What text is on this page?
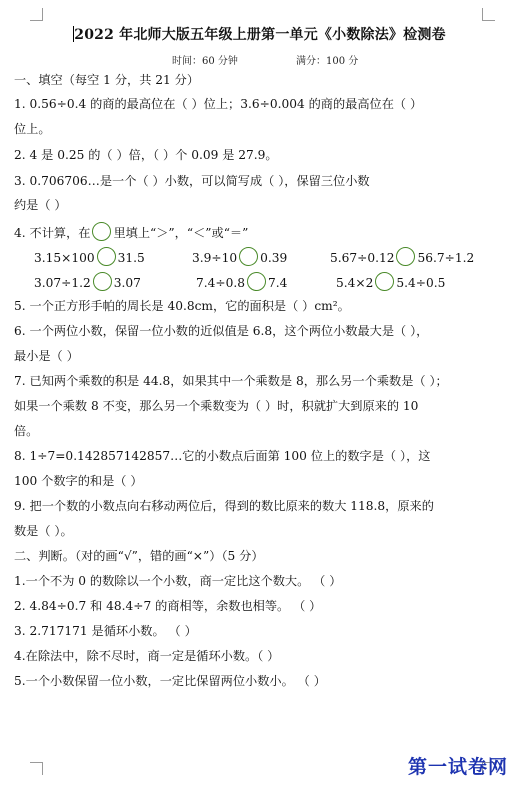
2022 年北师大版五年级上册第一单元《小数除法》检测卷
时间：60 分钟	满分：100 分
一、填空（每空 1 分，共 21 分）
1. 0.56÷0.4 的商的最高位在（ ）位上；3.6÷0.004 的商的最高位在（ ）
位上。
2. 4 是 0.25 的（ ）倍，（ ）个 0.09 是 27.9。
3. 0.706706…是一个（ ）小数，可以简写成（ ），保留三位小数
约是（ ）
4. 不计算，在 里填上“＞”，“＜”或“＝”
3.15×100 31.5	3.9÷10 0.39	5.67÷0.12 56.7÷1.2
3.07÷1.2 3.07	7.4÷0.8 7.4	5.4×2 5.4÷0.5
5. 一个正方形手帕的周长是 40.8cm，它的面积是（ ）cm²。
6. 一个两位小数，保留一位小数的近似值是 6.8，这个两位小数最大是（ ），
最小是（ ）
7. 已知两个乘数的积是 44.8，如果其中一个乘数是 8，那么另一个乘数是（ ）；
如果一个乘数 8 不变，那么另一个乘数变为（ ）时，积就扩大到原来的 10
倍。
8. 1÷7=0.142857142857…它的小数点后面第 100 位上的数字是（ ），这
100 个数字的和是（ ）
9. 把一个数的小数点向右移动两位后，得到的数比原来的数大 118.8，原来的
数是（ ）。
二、判断。（对的画“√”，错的画“×”）（5 分）
1.一个不为 0 的数除以一个小数，商一定比这个数大。 （ ）
2. 4.84÷0.7 和 48.4÷7 的商相等，余数也相等。 （ ）
3. 2.717171 是循环小数。 （ ）
4.在除法中，除不尽时，商一定是循环小数。（ ）
5.一个小数保留一位小数，一定比保留两位小数小。 （ ）
第一试卷网
